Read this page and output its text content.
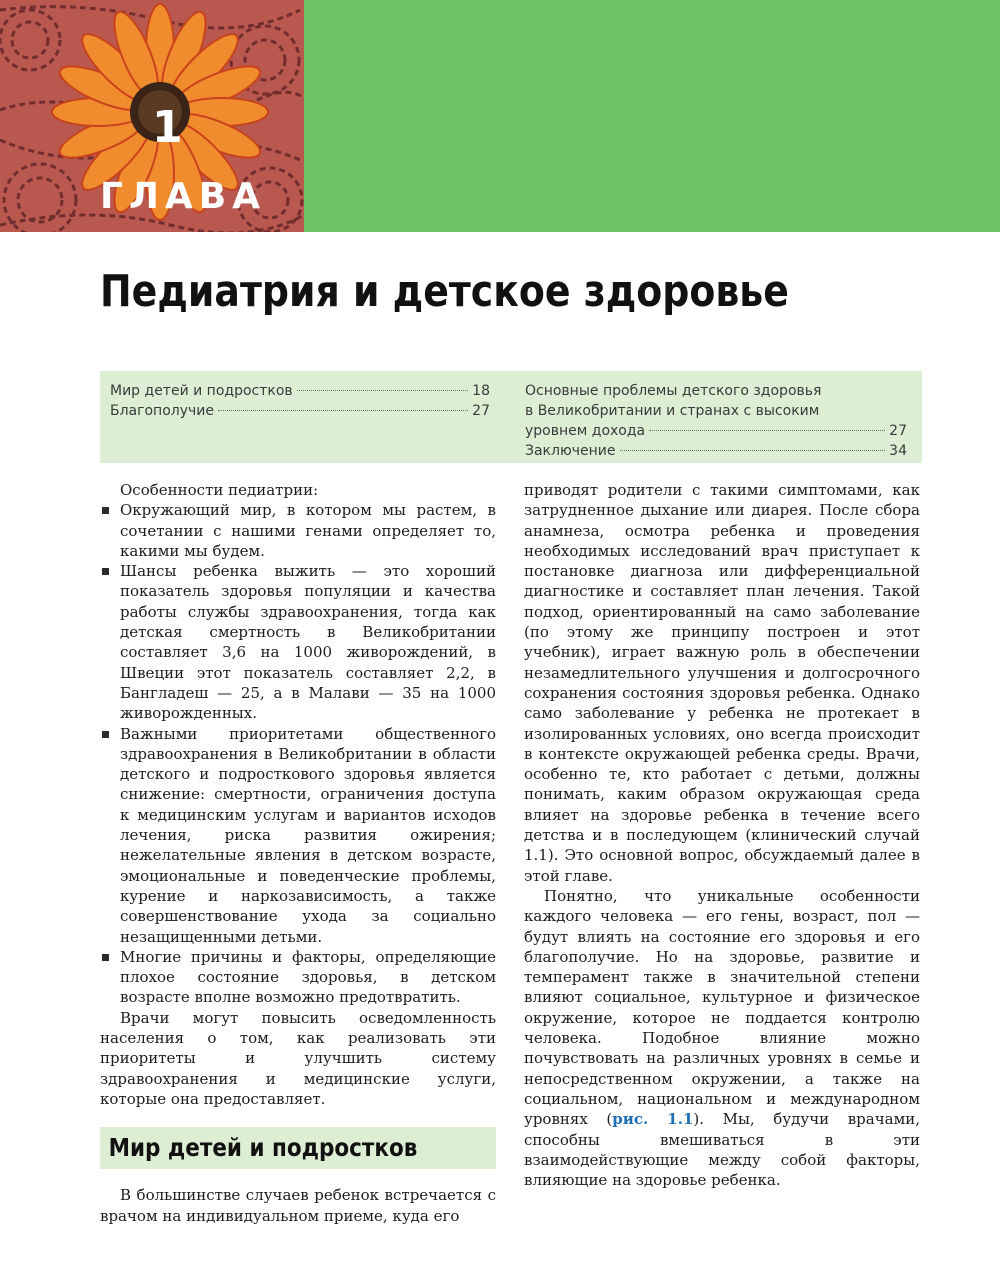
1
ГЛАВА
Педиатрия и детское здоровье
Мир детей и подростков	18
Благополучие	27
Основные проблемы детского здоровья
в Великобритании и странах с высоким
уровнем дохода	27
Заключение	34

Особенности педиатрии:

Окружающий мир, в котором мы растем, в сочетании с нашими генами определяет то, какими мы будем.
Шансы ребенка выжить — это хороший показатель здоровья популяции и качества работы службы здравоохранения, тогда как детская смертность в Великобритании составляет 3,6 на 1000 живорождений, в Швеции этот показатель составляет 2,2, в Бангладеш — 25, а в Малави — 35 на 1000 живорожденных.
Важными приоритетами общественного здравоохранения в Великобритании в области детского и подросткового здоровья является снижение: смертности, ограничения доступа к медицинским услугам и вариантов исходов лечения, риска развития ожирения; нежелательные явления в детском возрасте, эмоциональные и поведенческие проблемы, курение и наркозависимость, а также совершенствование ухода за социально незащищенными детьми.
Многие причины и факторы, определяющие плохое состояние здоровья, в детском возрасте вполне возможно предотвратить.

Врачи могут повысить осведомленность населения о том, как реализовать эти приоритеты и улучшить систему здравоохранения и медицинские услуги, которые она предоставляет.

Мир детей и подростков

В большинстве случаев ребенок встречается с врачом на индивидуальном приеме, куда его

приводят родители с такими симптомами, как затрудненное дыхание или диарея. После сбора анамнеза, осмотра ребенка и проведения необходимых исследований врач приступает к постановке диагноза или дифференциальной диагностике и составляет план лечения. Такой подход, ориентированный на само заболевание (по этому же принципу построен и этот учебник), играет важную роль в обеспечении незамедлительного улучшения и долгосрочного сохранения состояния здоровья ребенка. Однако само заболевание у ребенка не протекает в изолированных условиях, оно всегда происходит в контексте окружающей ребенка среды. Врачи, особенно те, кто работает с детьми, должны понимать, каким образом окружающая среда влияет на здоровье ребенка в течение всего детства и в последующем (клинический случай 1.1). Это основной вопрос, обсуждаемый далее в этой главе.

Понятно, что уникальные особенности каждого человека — его гены, возраст, пол — будут влиять на состояние его здоровья и его благополучие. Но на здоровье, развитие и темперамент также в значительной степени влияют социальное, культурное и физическое окружение, которое не поддается контролю человека. Подобное влияние можно почувствовать на различных уровнях в семье и непосредственном окружении, а также на социальном, национальном и международном уровнях (рис. 1.1). Мы, будучи врачами, способны вмешиваться в эти взаимодействующие между собой факторы, влияющие на здоровье ребенка.
